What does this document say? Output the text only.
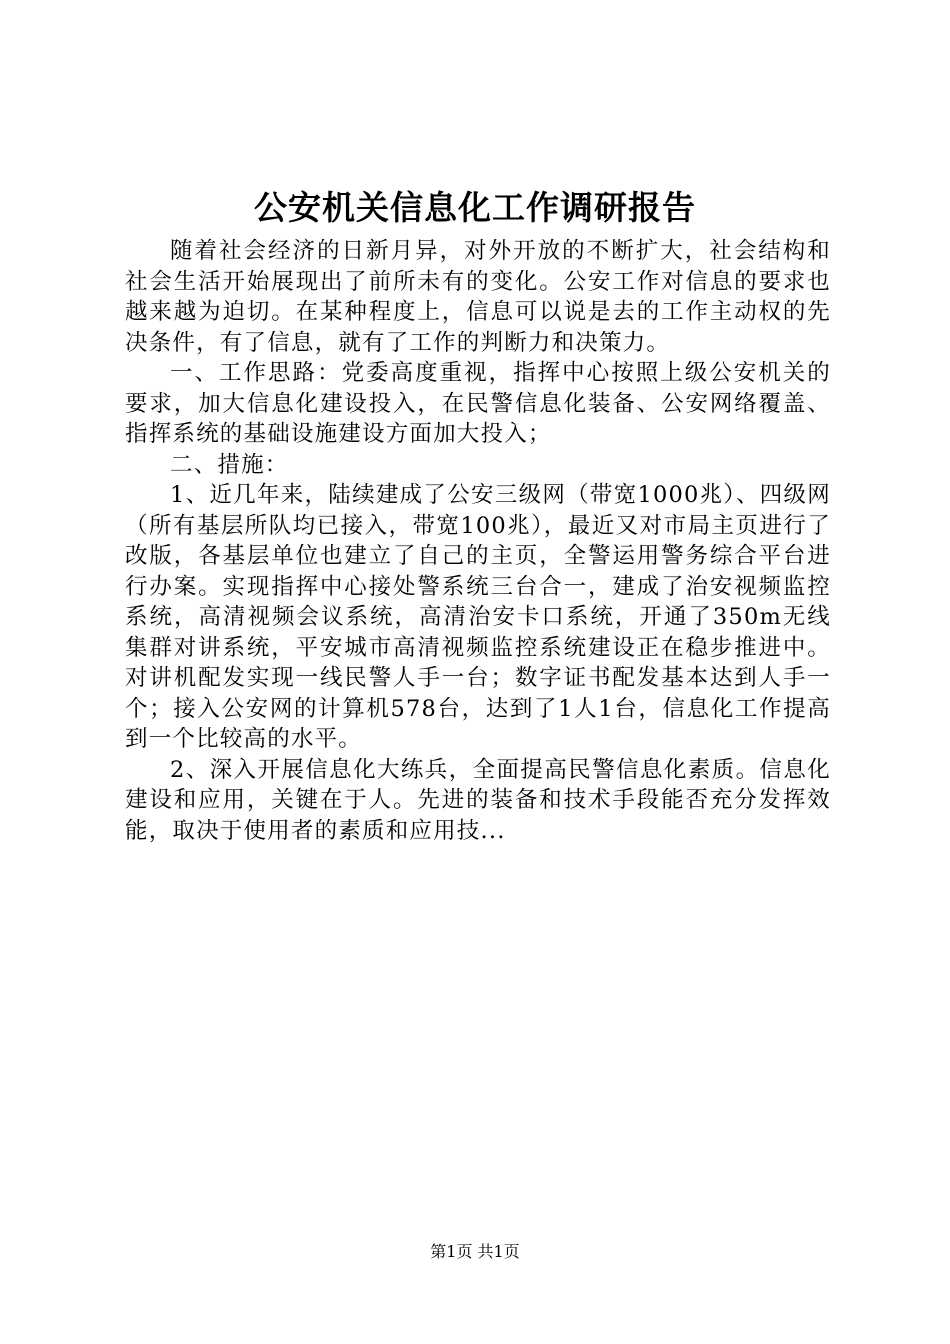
公安机关信息化工作调研报告

随着社会经济的日新月异，对外开放的不断扩大，社会结构和社会生活开始展现出了前所未有的变化。公安工作对信息的要求也越来越为迫切。在某种程度上，信息可以说是去的工作主动权的先决条件，有了信息，就有了工作的判断力和决策力。

一、工作思路：党委高度重视，指挥中心按照上级公安机关的要求，加大信息化建设投入，在民警信息化装备、公安网络覆盖、指挥系统的基础设施建设方面加大投入；

二、措施：

1、近几年来，陆续建成了公安三级网（带宽1000兆）、四级网（所有基层所队均已接入，带宽100兆），最近又对市局主页进行了改版，各基层单位也建立了自己的主页，全警运用警务综合平台进行办案。实现指挥中心接处警系统三台合一，建成了治安视频监控系统，高清视频会议系统，高清治安卡口系统，开通了350m无线集群对讲系统，平安城市高清视频监控系统建设正在稳步推进中。对讲机配发实现一线民警人手一台；数字证书配发基本达到人手一个；接入公安网的计算机578台，达到了1人1台，信息化工作提高到一个比较高的水平。

2、深入开展信息化大练兵，全面提高民警信息化素质。信息化建设和应用，关键在于人。先进的装备和技术手段能否充分发挥效能，取决于使用者的素质和应用技...

第1页 共1页
